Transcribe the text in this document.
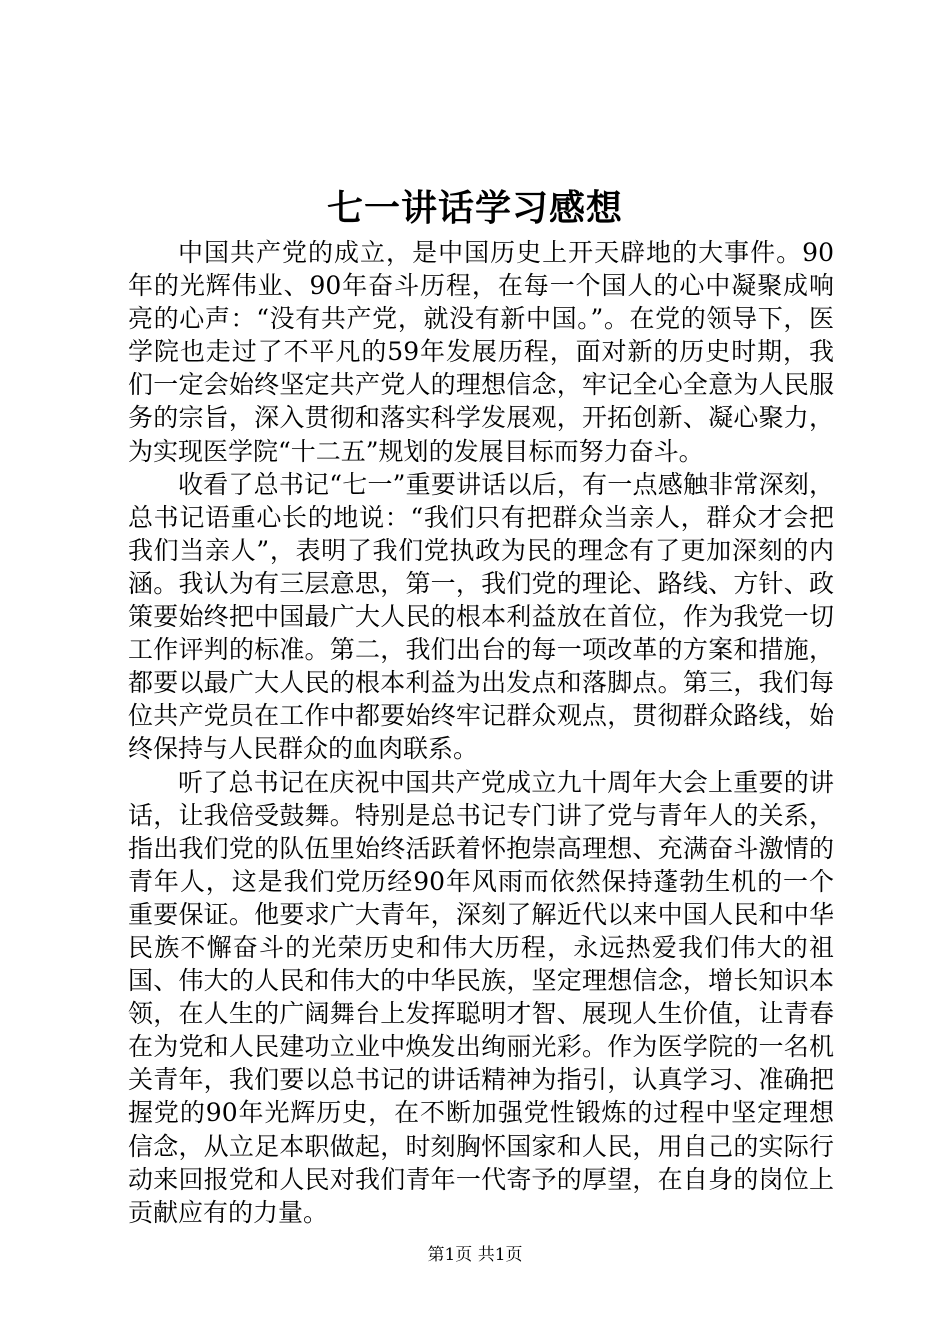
七一讲话学习感想

中国共产党的成立，是中国历史上开天辟地的大事件。90年的光辉伟业、90年奋斗历程，在每一个国人的心中凝聚成响亮的心声：“没有共产党，就没有新中国。”。在党的领导下，医学院也走过了不平凡的59年发展历程，面对新的历史时期，我们一定会始终坚定共产党人的理想信念，牢记全心全意为人民服务的宗旨，深入贯彻和落实科学发展观，开拓创新、凝心聚力，为实现医学院“十二五”规划的发展目标而努力奋斗。

收看了总书记“七一”重要讲话以后，有一点感触非常深刻，总书记语重心长的地说：“我们只有把群众当亲人，群众才会把我们当亲人”，表明了我们党执政为民的理念有了更加深刻的内涵。我认为有三层意思，第一，我们党的理论、路线、方针、政策要始终把中国最广大人民的根本利益放在首位，作为我党一切工作评判的标准。第二，我们出台的每一项改革的方案和措施，都要以最广大人民的根本利益为出发点和落脚点。第三，我们每位共产党员在工作中都要始终牢记群众观点，贯彻群众路线，始终保持与人民群众的血肉联系。

听了总书记在庆祝中国共产党成立九十周年大会上重要的讲话，让我倍受鼓舞。特别是总书记专门讲了党与青年人的关系，指出我们党的队伍里始终活跃着怀抱崇高理想、充满奋斗激情的青年人，这是我们党历经90年风雨而依然保持蓬勃生机的一个重要保证。他要求广大青年，深刻了解近代以来中国人民和中华民族不懈奋斗的光荣历史和伟大历程，永远热爱我们伟大的祖国、伟大的人民和伟大的中华民族，坚定理想信念，增长知识本领，在人生的广阔舞台上发挥聪明才智、展现人生价值，让青春在为党和人民建功立业中焕发出绚丽光彩。作为医学院的一名机关青年，我们要以总书记的讲话精神为指引，认真学习、准确把握党的90年光辉历史，在不断加强党性锻炼的过程中坚定理想信念，从立足本职做起，时刻胸怀国家和人民，用自己的实际行动来回报党和人民对我们青年一代寄予的厚望，在自身的岗位上贡献应有的力量。

第1页 共1页
